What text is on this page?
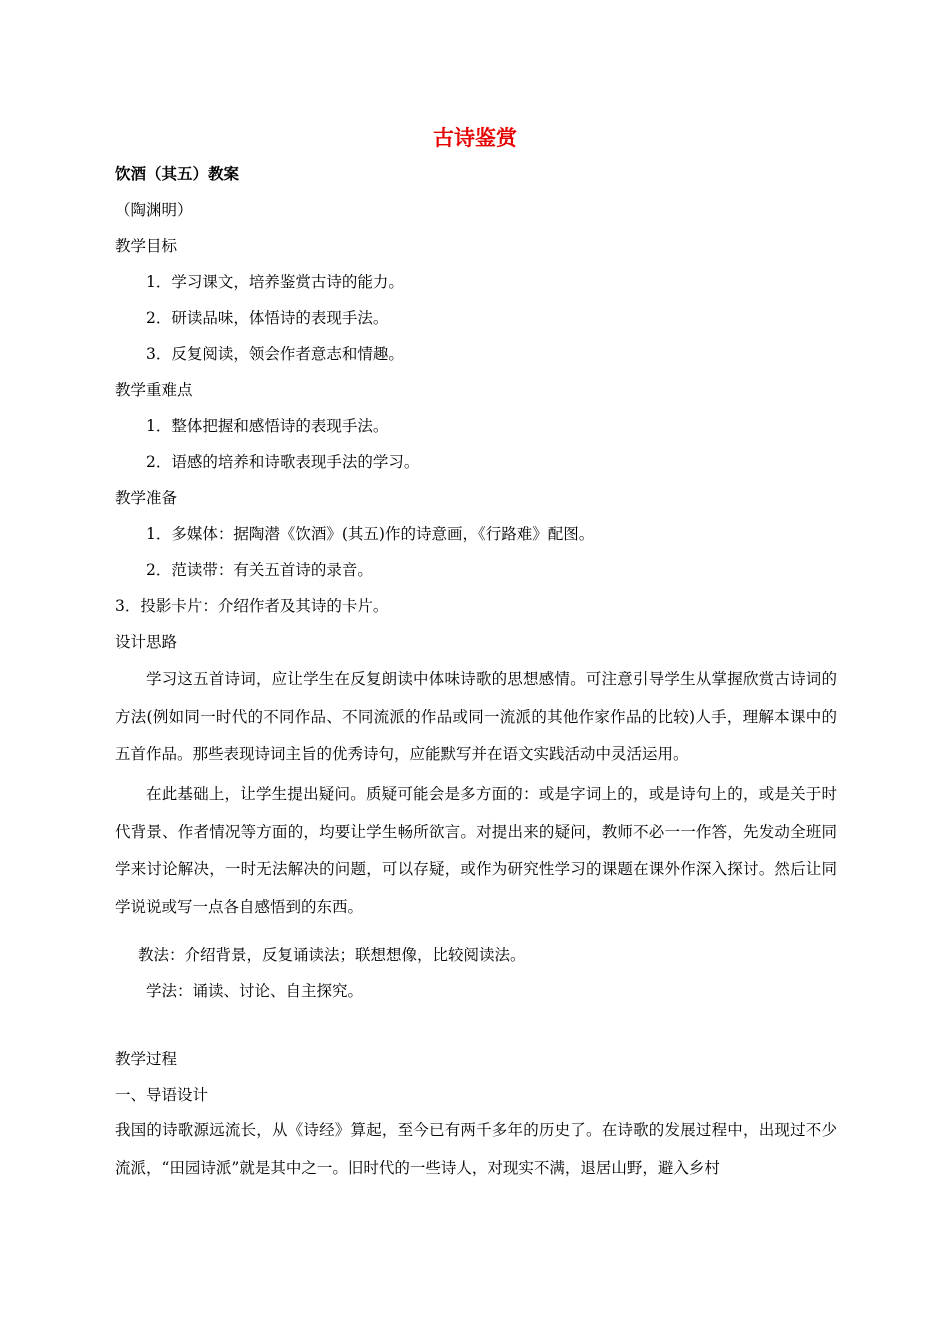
古诗鉴赏
饮酒（其五）教案
（陶渊明）
教学目标
1．学习课文，培养鉴赏古诗的能力。
2．研读品味，体悟诗的表现手法。
3．反复阅读，领会作者意志和情趣。
教学重难点
1．整体把握和感悟诗的表现手法。
2．语感的培养和诗歌表现手法的学习。
教学准备
1．多媒体：据陶潜《饮酒》(其五)作的诗意画，《行路难》配图。
2．范读带：有关五首诗的录音。
3．投影卡片：介绍作者及其诗的卡片。
设计思路
学习这五首诗词，应让学生在反复朗读中体味诗歌的思想感情。可注意引导学生从掌握欣赏古诗词的方法(例如同一时代的不同作品、不同流派的作品或同一流派的其他作家作品的比较)人手，理解本课中的五首作品。那些表现诗词主旨的优秀诗句，应能默写并在语文实践活动中灵活运用。
在此基础上，让学生提出疑问。质疑可能会是多方面的：或是字词上的，或是诗句上的，或是关于时代背景、作者情况等方面的，均要让学生畅所欲言。对提出来的疑问，教师不必一一作答，先发动全班同学来讨论解决，一时无法解决的问题，可以存疑，或作为研究性学习的课题在课外作深入探讨。然后让同学说说或写一点各自感悟到的东西。
教法：介绍背景，反复诵读法；联想想像，比较阅读法。
学法：诵读、讨论、自主探究。
教学过程
一、导语设计
我国的诗歌源远流长，从《诗经》算起，至今已有两千多年的历史了。在诗歌的发展过程中，出现过不少流派，“田园诗派”就是其中之一。旧时代的一些诗人，对现实不满，退居山野，避入乡村
